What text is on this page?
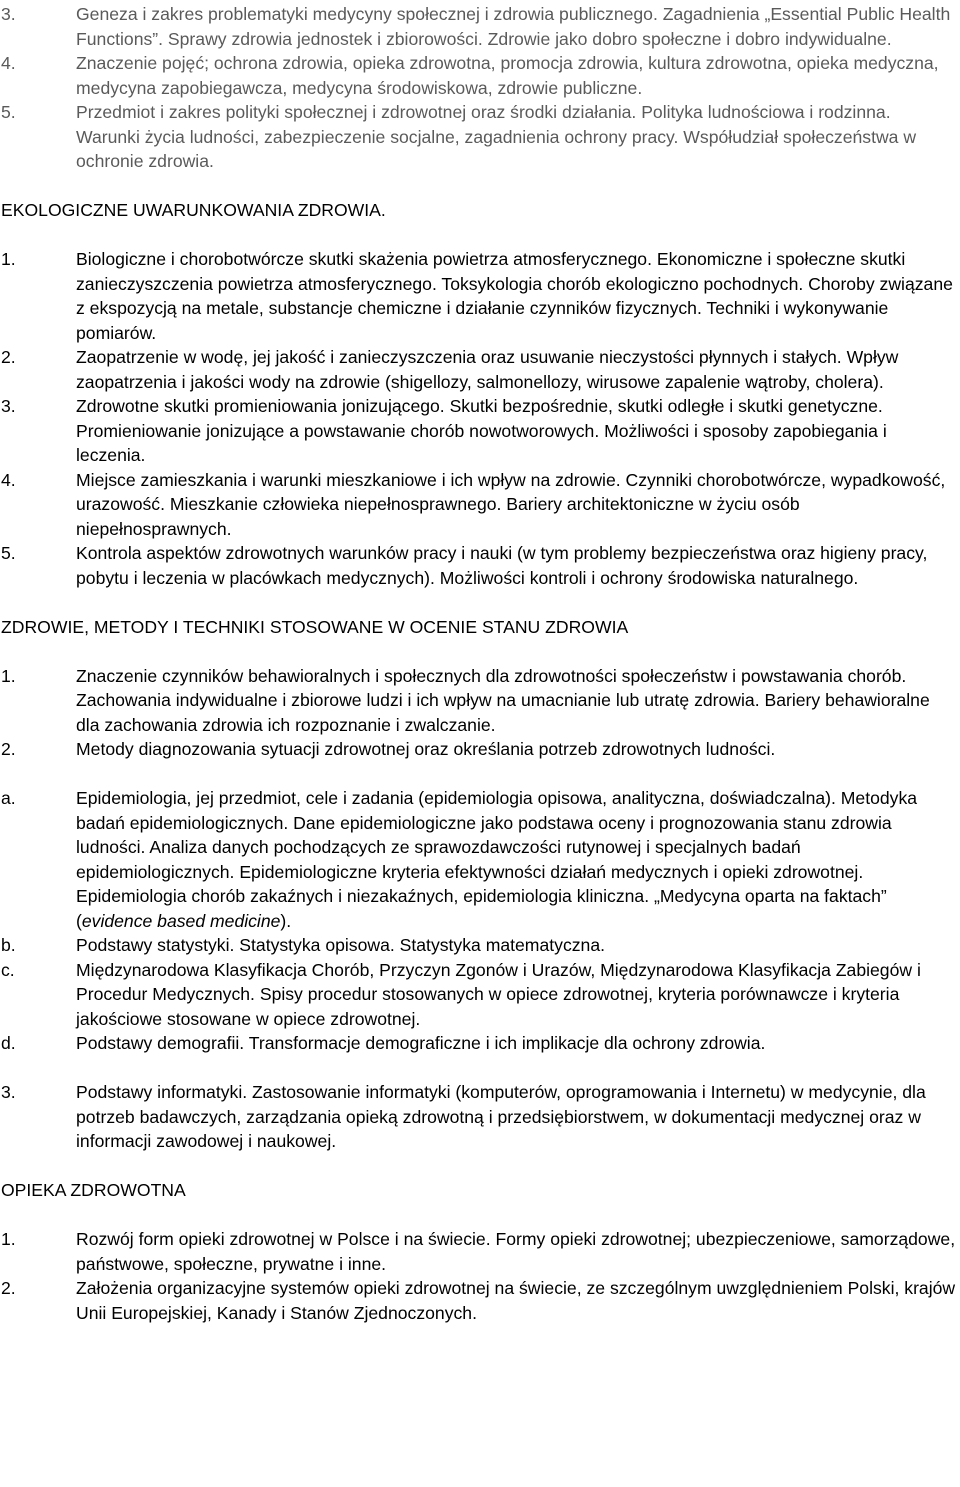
3.	Geneza i zakres problematyki medycyny społecznej i zdrowia publicznego. Zagadnienia „Essential Public Health Functions”. Sprawy zdrowia jednostek i zbiorowości. Zdrowie jako dobro społeczne i dobro indywidualne.
4.	Znaczenie pojęć; ochrona zdrowia, opieka zdrowotna, promocja zdrowia, kultura zdrowotna, opieka medyczna, medycyna zapobiegawcza, medycyna środowiskowa, zdrowie publiczne.
5.	Przedmiot i zakres polityki społecznej i zdrowotnej oraz środki działania. Polityka ludnościowa i rodzinna. Warunki życia ludności, zabezpieczenie socjalne, zagadnienia ochrony pracy. Współudział społeczeństwa w ochronie zdrowia.
EKOLOGICZNE UWARUNKOWANIA ZDROWIA.
1.	Biologiczne i chorobotwórcze skutki skażenia powietrza atmosferycznego. Ekonomiczne i społeczne skutki zanieczyszczenia powietrza atmosferycznego. Toksykologia chorób ekologiczno pochodnych. Choroby związane z ekspozycją na metale, substancje chemiczne i działanie czynników fizycznych. Techniki i wykonywanie pomiarów.
2.	Zaopatrzenie w wodę, jej jakość i zanieczyszczenia oraz usuwanie nieczystości płynnych i stałych. Wpływ zaopatrzenia i jakości wody na zdrowie (shigellozy, salmonellozy, wirusowe zapalenie wątroby, cholera).
3.	Zdrowotne skutki promieniowania jonizującego. Skutki bezpośrednie, skutki odległe i skutki genetyczne. Promieniowanie jonizujące a powstawanie chorób nowotworowych. Możliwości i sposoby zapobiegania i leczenia.
4.	Miejsce zamieszkania i warunki mieszkaniowe i ich wpływ na zdrowie. Czynniki chorobotwórcze, wypadkowość, urazowość. Mieszkanie człowieka niepełnosprawnego. Bariery architektoniczne w życiu osób niepełnosprawnych.
5.	Kontrola aspektów zdrowotnych warunków pracy i nauki (w tym problemy bezpieczeństwa oraz higieny pracy, pobytu i leczenia w placówkach medycznych). Możliwości kontroli i ochrony środowiska naturalnego.
ZDROWIE, METODY I TECHNIKI STOSOWANE W OCENIE STANU ZDROWIA
1.	Znaczenie czynników behawioralnych i społecznych dla zdrowotności społeczeństw i powstawania chorób. Zachowania indywidualne i zbiorowe ludzi i ich wpływ na umacnianie lub utratę zdrowia. Bariery behawioralne dla zachowania zdrowia ich rozpoznanie i zwalczanie.
2.	Metody diagnozowania sytuacji zdrowotnej oraz określania potrzeb zdrowotnych ludności.
a.	Epidemiologia, jej przedmiot, cele i zadania (epidemiologia opisowa, analityczna, doświadczalna). Metodyka badań epidemiologicznych. Dane epidemiologiczne jako podstawa oceny i prognozowania stanu zdrowia ludności. Analiza danych pochodzących ze sprawozdawczości rutynowej i specjalnych badań epidemiologicznych. Epidemiologiczne kryteria efektywności działań medycznych i opieki zdrowotnej. Epidemiologia chorób zakaźnych i niezakaźnych, epidemiologia kliniczna. „Medycyna oparta na faktach” (evidence based medicine).
b.	Podstawy statystyki. Statystyka opisowa. Statystyka matematyczna.
c.	Międzynarodowa Klasyfikacja Chorób, Przyczyn Zgonów i Urazów, Międzynarodowa Klasyfikacja Zabiegów i Procedur Medycznych. Spisy procedur stosowanych w opiece zdrowotnej, kryteria porównawcze i kryteria jakościowe stosowane w opiece zdrowotnej.
d.	Podstawy demografii. Transformacje demograficzne i ich implikacje dla ochrony zdrowia.
3.	Podstawy informatyki. Zastosowanie informatyki (komputerów, oprogramowania i Internetu) w medycynie, dla potrzeb badawczych, zarządzania opieką zdrowotną i przedsiębiorstwem, w dokumentacji medycznej oraz w informacji zawodowej i naukowej.
OPIEKA ZDROWOTNA
1.	Rozwój form opieki zdrowotnej w Polsce i na świecie. Formy opieki zdrowotnej; ubezpieczeniowe, samorządowe, państwowe, społeczne, prywatne i inne.
2.	Założenia organizacyjne systemów opieki zdrowotnej na świecie, ze szczególnym uwzględnieniem Polski, krajów Unii Europejskiej, Kanady i Stanów Zjednoczonych.
